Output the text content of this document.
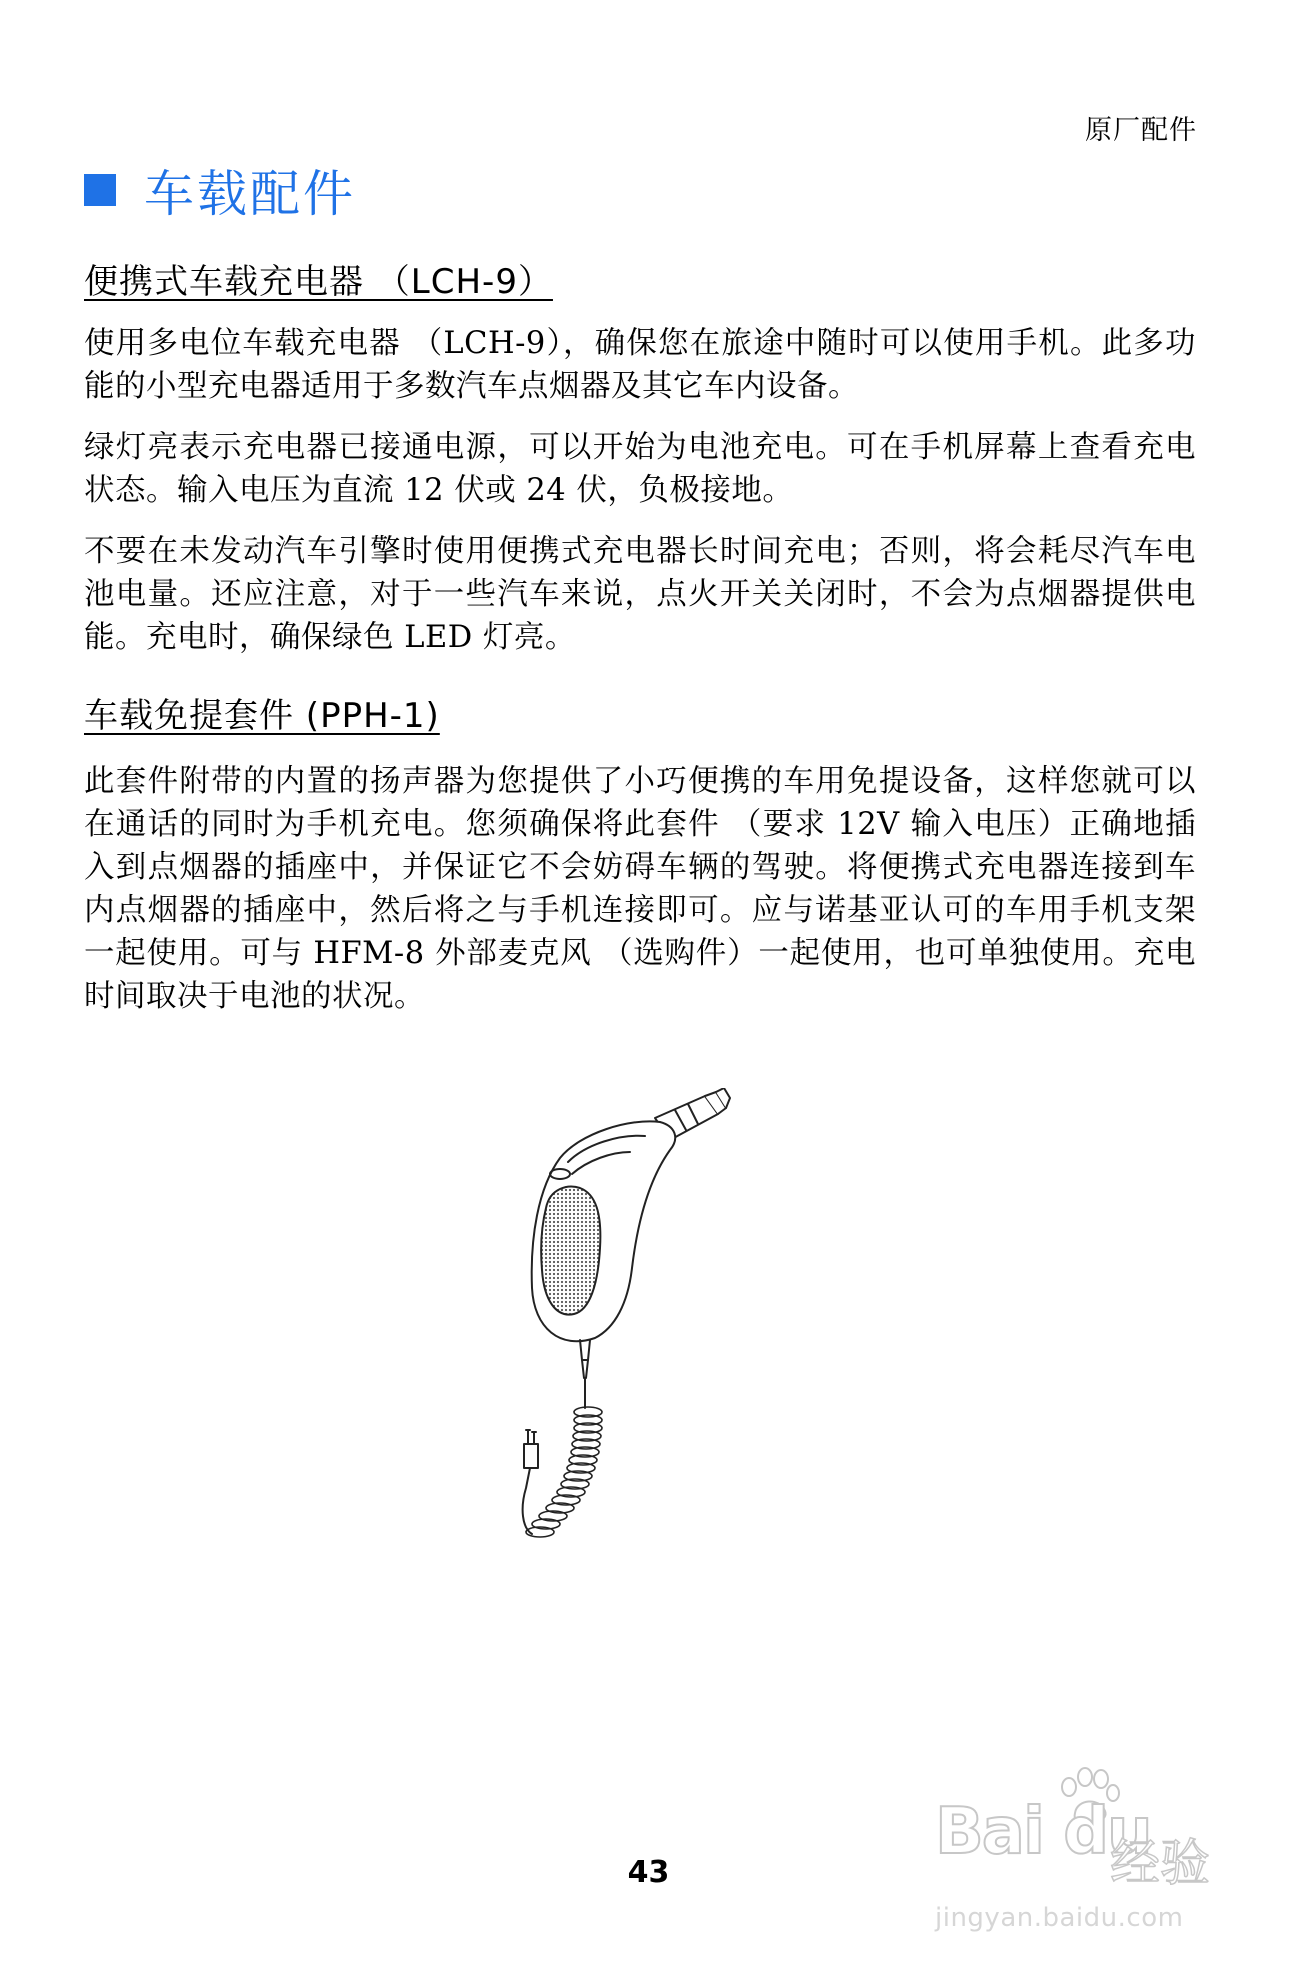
原厂配件
车载配件
便携式车载充电器 （LCH-9）
使用多电位车载充电器 （LCH-9），确保您在旅途中随时可以使用手机。此多功能的小型充电器适用于多数汽车点烟器及其它车内设备。
绿灯亮表示充电器已接通电源，可以开始为电池充电。可在手机屏幕上查看充电状态。输入电压为直流 12 伏或 24 伏，负极接地。
不要在未发动汽车引擎时使用便携式充电器长时间充电；否则，将会耗尽汽车电池电量。还应注意，对于一些汽车来说，点火开关关闭时，不会为点烟器提供电能。充电时，确保绿色 LED 灯亮。
车载免提套件 (PPH-1)
此套件附带的内置的扬声器为您提供了小巧便携的车用免提设备，这样您就可以在通话的同时为手机充电。您须确保将此套件 （要求 12V 输入电压）正确地插入到点烟器的插座中，并保证它不会妨碍车辆的驾驶。将便携式充电器连接到车内点烟器的插座中，然后将之与手机连接即可。应与诺基亚认可的车用手机支架一起使用。可与 HFM-8 外部麦克风 （选购件）一起使用，也可单独使用。充电时间取决于电池的状况。
Bai du
经验
jingyan.baidu.com
43
